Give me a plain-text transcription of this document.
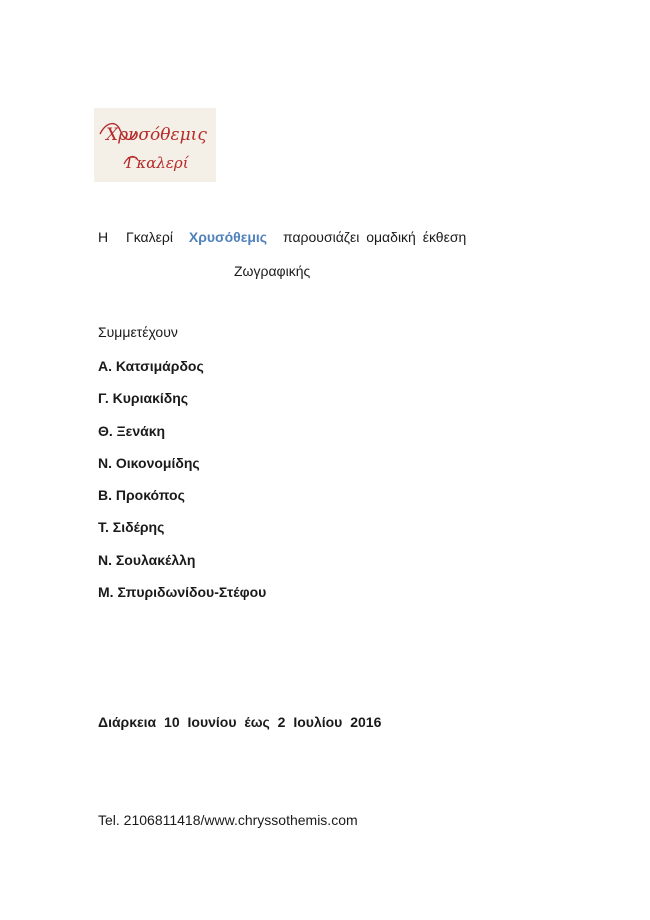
Χρυσόθεμις
Γκαλερί
Η Γκαλερί Χρυσόθεμις παρουσιάζει ομαδική έκθεση
Ζωγραφικής
Συμμετέχουν
Α. Κατσιμάρδος
Γ. Κυριακίδης
Θ. Ξενάκη
Ν. Οικονομίδης
Β. Προκόπος
Τ. Σιδέρης
Ν. Σουλακέλλη
Μ. Σπυριδωνίδου-Στέφου
Διάρκεια 10 Ιουνίου έως 2 Ιουλίου 2016
Tel. 2106811418/www.chryssothemis.com
